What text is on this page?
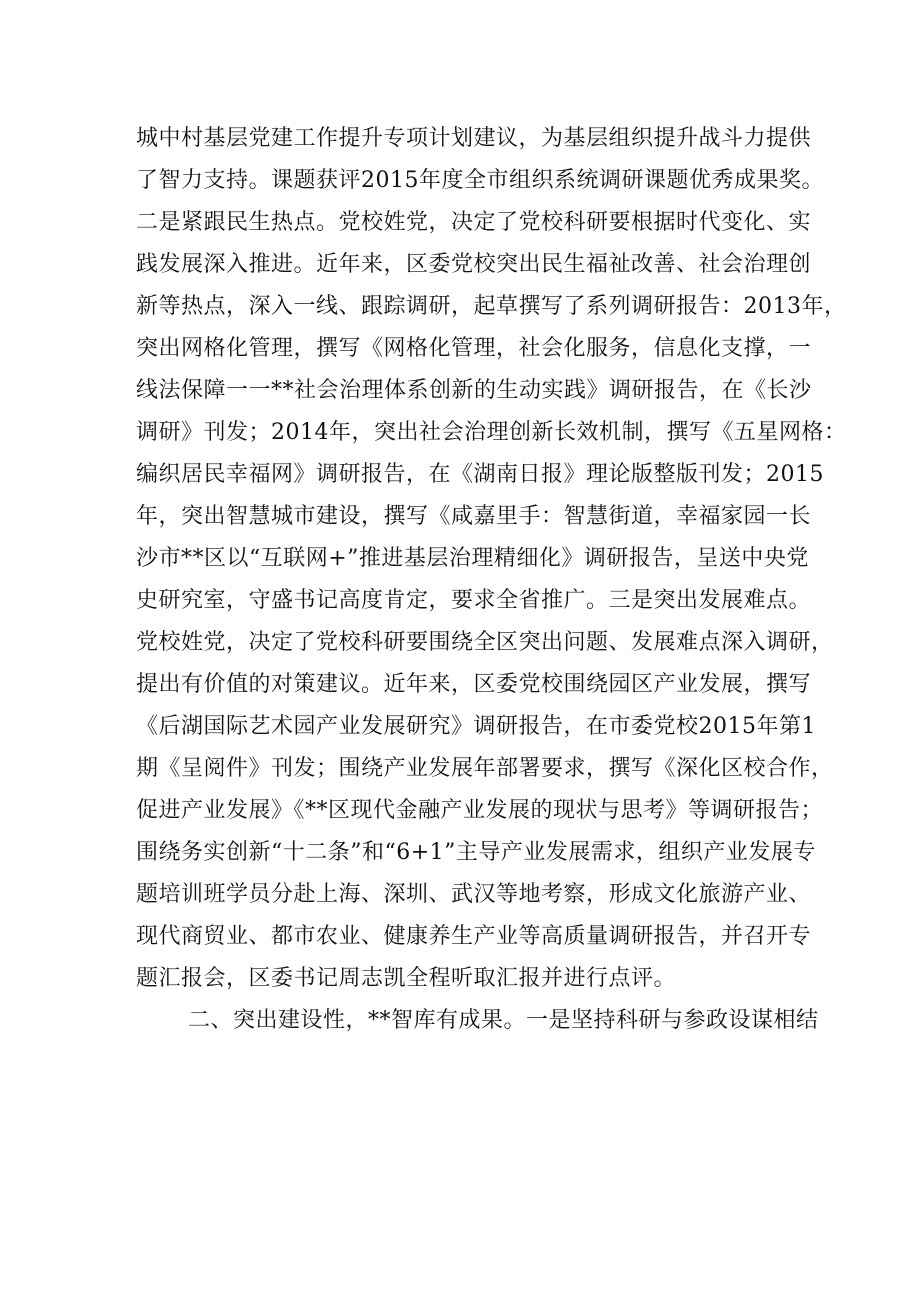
城中村基层党建工作提升专项计划建议，为基层组织提升战斗力提供
了智力支持。课题获评2015年度全市组织系统调研课题优秀成果奖。
二是紧跟民生热点。党校姓党，决定了党校科研要根据时代变化、实
践发展深入推进。近年来，区委党校突出民生福祉改善、社会治理创
新等热点，深入一线、跟踪调研，起草撰写了系列调研报告：2013年，
突出网格化管理，撰写《网格化管理，社会化服务，信息化支撑，一
线法保障一一**社会治理体系创新的生动实践》调研报告，在《长沙
调研》刊发；2014年，突出社会治理创新长效机制，撰写《五星网格：
编织居民幸福网》调研报告，在《湖南日报》理论版整版刊发；2015
年，突出智慧城市建设，撰写《咸嘉里手：智慧街道，幸福家园一长
沙市**区以“互联网+”推进基层治理精细化》调研报告，呈送中央党
史研究室，守盛书记高度肯定，要求全省推广。三是突出发展难点。
党校姓党，决定了党校科研要围绕全区突出问题、发展难点深入调研，
提出有价值的对策建议。近年来，区委党校围绕园区产业发展，撰写
《后湖国际艺术园产业发展研究》调研报告，在市委党校2015年第1
期《呈阅件》刊发；围绕产业发展年部署要求，撰写《深化区校合作，
促进产业发展》《**区现代金融产业发展的现状与思考》等调研报告；
围绕务实创新“十二条”和“6+1”主导产业发展需求，组织产业发展专
题培训班学员分赴上海、深圳、武汉等地考察，形成文化旅游产业、
现代商贸业、都市农业、健康养生产业等高质量调研报告，并召开专
题汇报会，区委书记周志凯全程听取汇报并进行点评。
二、突出建设性，**智库有成果。一是坚持科研与参政设谋相结
